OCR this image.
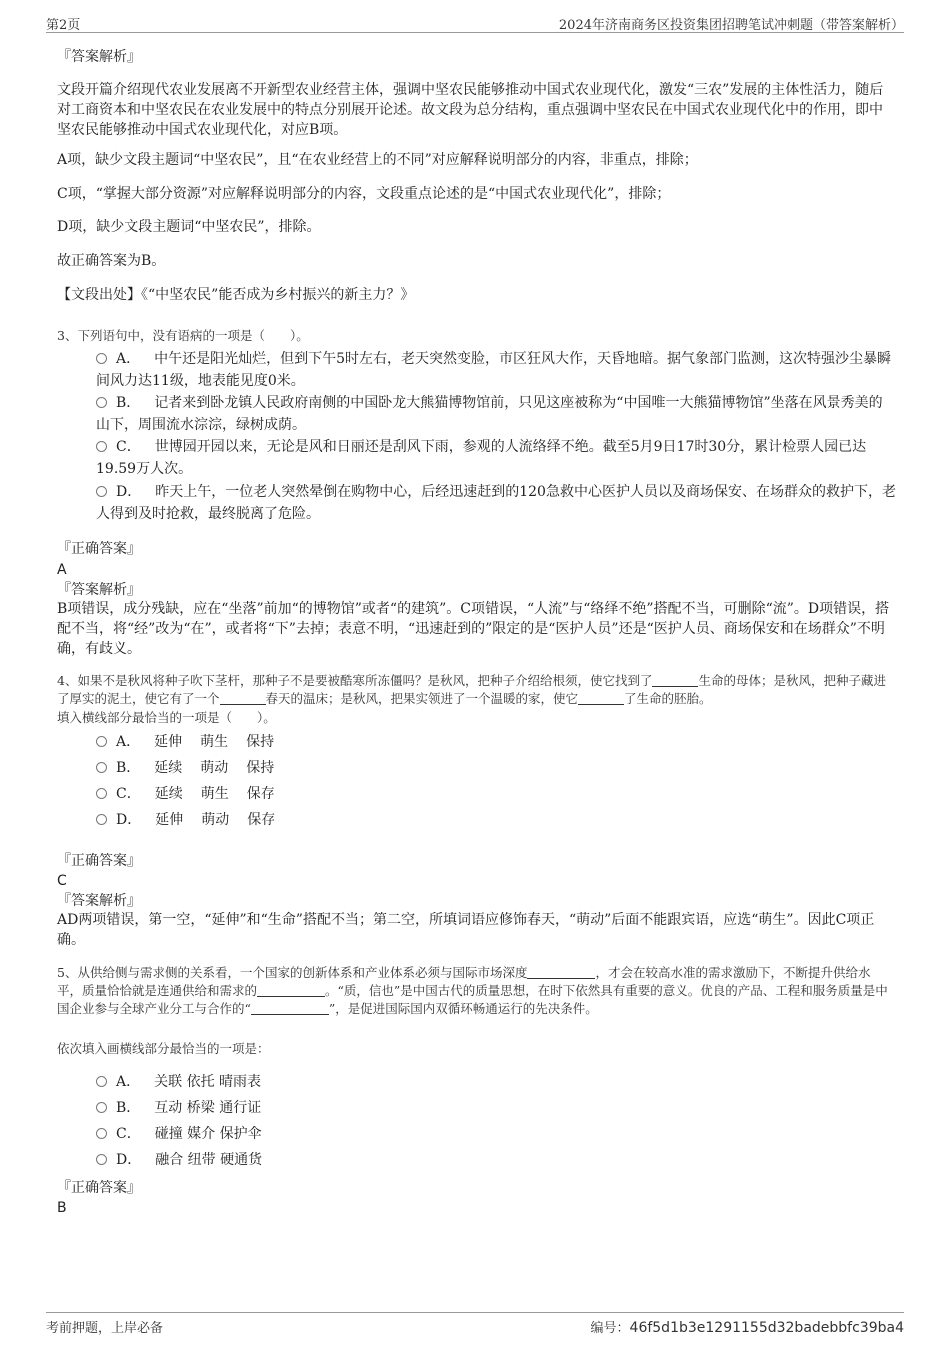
第2页	2024年济南商务区投资集团招聘笔试冲刺题（带答案解析）
『答案解析』
文段开篇介绍现代农业发展离不开新型农业经营主体，强调中坚农民能够推动中国式农业现代化，激发“三农”发展的主体性活力，随后对工商资本和中坚农民在农业发展中的特点分别展开论述。故文段为总分结构，重点强调中坚农民在中国式农业现代化中的作用，即中坚农民能够推动中国式农业现代化，对应B项。
A项，缺少文段主题词“中坚农民”，且“在农业经营上的不同”对应解释说明部分的内容，非重点，排除；
C项，“掌握大部分资源”对应解释说明部分的内容，文段重点论述的是“中国式农业现代化”，排除；
D项，缺少文段主题词“中坚农民”，排除。
故正确答案为B。
【文段出处】《“中坚农民”能否成为乡村振兴的新主力？》
3、下列语句中，没有语病的一项是（　　）。
A． 中午还是阳光灿烂，但到下午5时左右，老天突然变脸，市区狂风大作，天昏地暗。据气象部门监测，这次特强沙尘暴瞬间风力达11级，地表能见度0米。
B． 记者来到卧龙镇人民政府南侧的中国卧龙大熊猫博物馆前，只见这座被称为“中国唯一大熊猫博物馆”坐落在风景秀美的山下，周围流水淙淙，绿树成荫。
C． 世博园开园以来，无论是风和日丽还是刮风下雨，参观的人流络绎不绝。截至5月9日17时30分，累计检票人园已达19.59万人次。
D． 昨天上午，一位老人突然晕倒在购物中心，后经迅速赶到的120急救中心医护人员以及商场保安、在场群众的救护下，老人得到及时抢救，最终脱离了危险。
『正确答案』
A
『答案解析』
B项错误，成分残缺，应在“坐落”前加“的博物馆”或者“的建筑”。C项错误，“人流”与“络绎不绝”搭配不当，可删除“流”。D项错误，搭配不当，将“经”改为“在”，或者将“下”去掉；表意不明，“迅速赶到的”限定的是“医护人员”还是“医护人员、商场保安和在场群众”不明确，有歧义。
4、如果不是秋风将种子吹下茎杆，那种子不是要被酷寒所冻僵吗？是秋风，把种子介绍给根须，使它找到了	生命的母体；是秋风，把种子藏进了厚实的泥土，使它有了一个	春天的温床；是秋风，把果实领进了一个温暖的家，使它	了生命的胚胎。
填入横线部分最恰当的一项是（　　）。
A． 延伸 萌生 保持
B． 延续 萌动 保持
C． 延续 萌生 保存
D． 延伸 萌动 保存
『正确答案』
C
『答案解析』
AD两项错误，第一空，“延伸”和“生命”搭配不当；第二空，所填词语应修饰春天，“萌动”后面不能跟宾语，应选“萌生”。因此C项正确。
5、从供给侧与需求侧的关系看，一个国家的创新体系和产业体系必须与国际市场深度	，才会在较高水准的需求激励下，不断提升供给水平，质量恰恰就是连通供给和需求的	。“质，信也”是中国古代的质量思想，在时下依然具有重要的意义。优良的产品、工程和服务质量是中国企业参与全球产业分工与合作的“	”，是促进国际国内双循环畅通运行的先决条件。
依次填入画横线部分最恰当的一项是：
A． 关联 依托 晴雨表
B． 互动 桥梁 通行证
C． 碰撞 媒介 保护伞
D． 融合 纽带 硬通货
『正确答案』
B
考前押题，上岸必备	编号：46f5d1b3e1291155d32badebbfc39ba4
